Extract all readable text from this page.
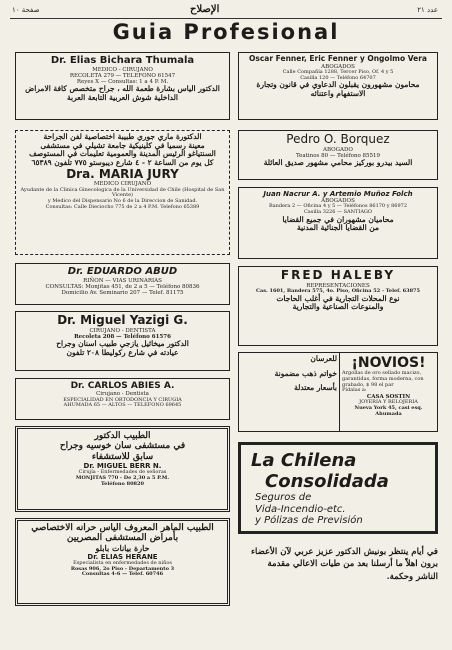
صفحة ١٠	الإصلاح	عدد ٢١
Guia Profesional
Dr. Elias Bichara Thumala
MEDICO - CIRUJANO
RECOLETA 279 — TELEFONO 61547
Reyes X — Consultas: 1 a 4 P. M.
الدكتور الياس بشارة طعمة الله ، جراح متخصص كافة الامراض
الداخلية شوش العربية التابعة العربة
الدكتورة ماري جوري طبيبة اختصاصية لفن الجراحة
معينة رسميا في كلينيكية جامعة تشيلي في مستشفى
السنتياغو الرئيس المدينة والعمومية تعليمات في المستوصف
كل يوم من الساعة ٢ - ٤ شارع ديبوستو ٧٧٥ تلفون ٦٥٣٨٩
Dra. MARIA JURY
MEDICO CIRUJANO
Ayudante de la Clinica Ginecologica de la Universidad de Chile (Hospital de San Vicente)
y Medico del Dispensario No 6 de la Direccion de Sanidad.
Consultas: Calle Dieciocho 775 de 2 a 4 P.M. Telefono 65389
Dr. EDUARDO ABUD
RIÑON — VIAS URINARIAS
CONSULTAS: Monjitas 451, de 2 a 5 — Teléfono 80836
Domicilio Av. Seminario 207 — Telef. 81175
Dr. Miguel Yazigi G.
CIRUJANO - DENTISTA
Recoleta 208 — Teléfono 61576
الدكتور ميخائيل يازجي طبيب اسنان وجراح
عيادته في شارع ركوليطا ٢٠٨ تلفون
Dr. CARLOS ABIES A.
Cirujano - Dentista
ESPECIALIDAD EN ORTODONCIA Y CIRUGIA
AHUMADA 65 — ALTOS — TELEFONO 69645
الطبيب الدكتور
في مستشفى سان خوسيه وجراح
سابق للاستشفاء
Dr. MIGUEL BERR N.
Cirujía - Enfermedades de señoras
MONJITAS 770 - De 2,30 a 5 P.M.
Teléfono 80820
الطبيب الماهر المعروف الياس حرانه الاختصاصي
بأمراض المستشفى المصريين
حارة بيانات بابلو
Dr. ELIAS HERANE
Especialista en enfermedades de niños
Rosas 906, 2o Piso - Departamento 3
Consultas 4-6 — Telef. 60746
Oscar Fenner, Eric Fenner y Ongolmo Vera
ABOGADOS
Calle Compañía 1288, Tercer Piso, Of. 4 y 5
Casilla 120 — Teléfono 64707
محامون مشهورون يقبلون الدعاوي في قانون وتجارة
الاستفهام واعتنائه
Pedro O. Borquez
ABOGADO
Teatinos 80 — Teléfono 85519
السيد بيدرو بوركيز محامي مشهور صديق العائلة
Juan Nacrur A. y Artemio Muñoz Folch
ABOGADOS
Bandera 2 — Oficina 4 y 5 — Teléfonos 86170 y 86972
Casilla 3226 — SANTIAGO
محاميان مشهوران في جميع القضايا
من القضايا الجنائية المدنية
FRED HALEBY
REPRESENTACIONES
Cas. 1601, Bandera 575, 4o. Piso, Oficina 52 - Telef. 63875
نوع المحلات التجارية في أغلب الحاجات
والمنوعات الصناعية والتجارية
للعرسان
خواتم ذهب مضمونة
بأسعار معتدلة
¡NOVIOS!
Argollas de oro sellado macizo, garantidas, forma moderna, con grabado, $ 98 el par
Pídalas a:
CASA SOSTIN
JOYERIA Y RELOJERIA
Nueva York 45, casi esq. Ahumada
La Chilena
Consolidada
Seguros de
Vida-Incendio-etc.
y Pólizas de Previsión
في أيام ينتظر بونيش الدكتور عزيز عربي لآن الأعضاء
برون اهلاً ما أرسلنا بعد من طيات الاعالي مقدمة
الناشر وحكمة.
